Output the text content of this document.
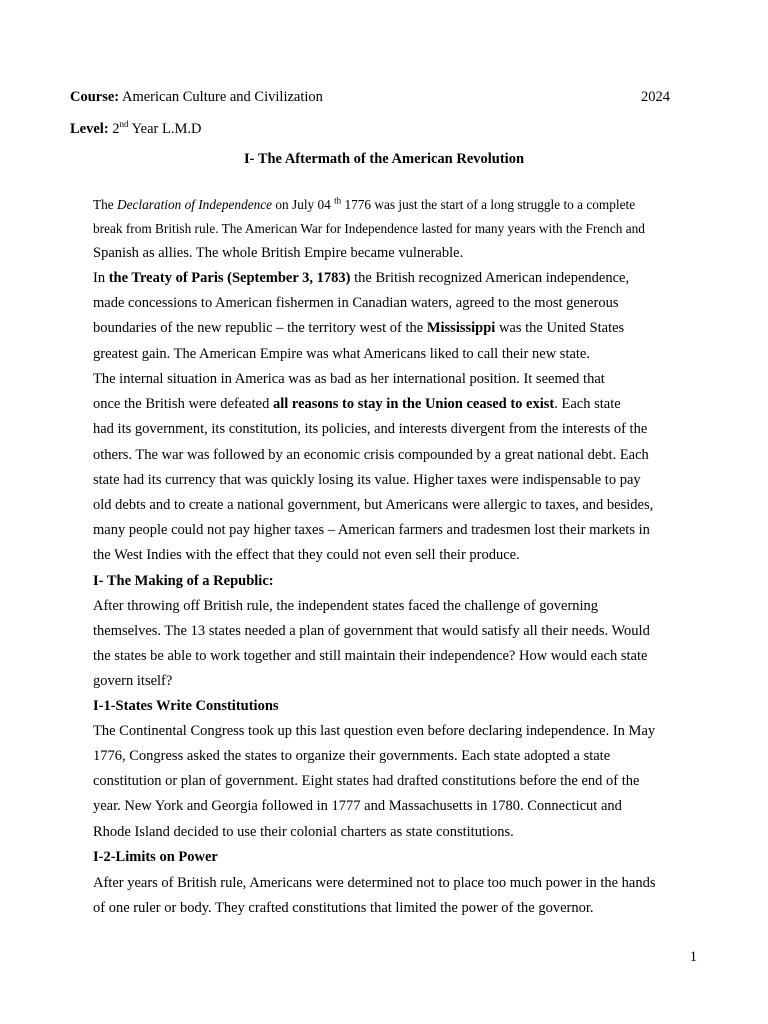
Course: American Culture and Civilization	2024
Level: 2nd Year L.M.D
I- The Aftermath of the American Revolution
The Declaration of Independence on July 04 $^{th}$ 1776 was just the start of a long struggle to a complete
break from British rule. The American War for Independence lasted for many years with the French and
Spanish as allies. The whole British Empire became vulnerable.
In the Treaty of Paris (September 3, 1783) the British recognized American independence,
made concessions to American fishermen in Canadian waters, agreed to the most generous
boundaries of the new republic – the territory west of the Mississippi was the United States
greatest gain. The American Empire was what Americans liked to call their new state.
The internal situation in America was as bad as her international position. It seemed that
once the British were defeated all reasons to stay in the Union ceased to exist. Each state
had its government, its constitution, its policies, and interests divergent from the interests of the
others. The war was followed by an economic crisis compounded by a great national debt. Each
state had its currency that was quickly losing its value. Higher taxes were indispensable to pay
old debts and to create a national government, but Americans were allergic to taxes, and besides,
many people could not pay higher taxes – American farmers and tradesmen lost their markets in
the West Indies with the effect that they could not even sell their produce.
I- The Making of a Republic:
After throwing off British rule, the independent states faced the challenge of governing
themselves. The 13 states needed a plan of government that would satisfy all their needs. Would
the states be able to work together and still maintain their independence? How would each state
govern itself?
I-1-States Write Constitutions
The Continental Congress took up this last question even before declaring independence. In May
1776, Congress asked the states to organize their governments. Each state adopted a state
constitution or plan of government. Eight states had drafted constitutions before the end of the
year. New York and Georgia followed in 1777 and Massachusetts in 1780. Connecticut and
Rhode Island decided to use their colonial charters as state constitutions.
I-2-Limits on Power
After years of British rule, Americans were determined not to place too much power in the hands
of one ruler or body. They crafted constitutions that limited the power of the governor.
1
